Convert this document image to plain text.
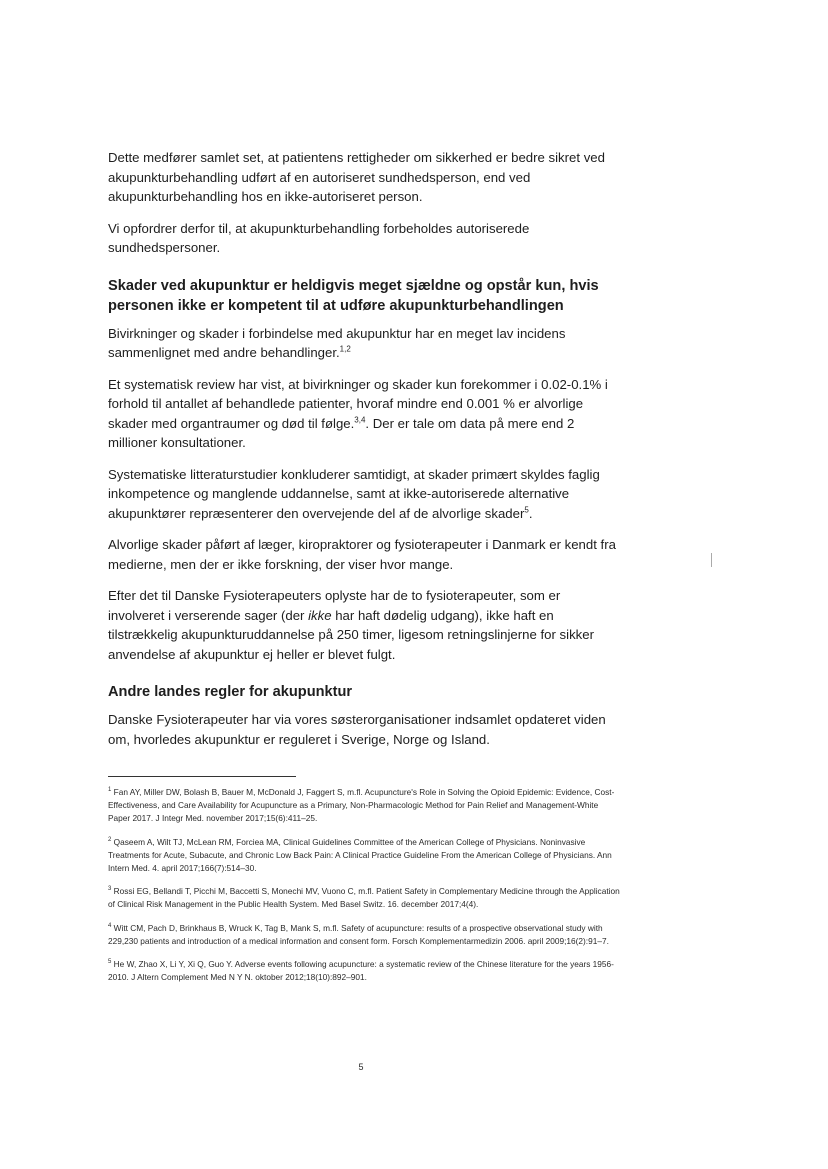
Dette medfører samlet set, at patientens rettigheder om sikkerhed er bedre sikret ved akupunkturbehandling udført af en autoriseret sundhedsperson, end ved akupunkturbehandling hos en ikke-autoriseret person.

Vi opfordrer derfor til, at akupunkturbehandling forbeholdes autoriserede sundhedspersoner.

Skader ved akupunktur er heldigvis meget sjældne og opstår kun, hvis personen ikke er kompetent til at udføre akupunkturbehandlingen

Bivirkninger og skader i forbindelse med akupunktur har en meget lav incidens sammenlignet med andre behandlinger.$^{1,2}$

Et systematisk review har vist, at bivirkninger og skader kun forekommer i 0.02-0.1% i forhold til antallet af behandlede patienter, hvoraf mindre end 0.001 % er alvorlige skader med organtraumer og død til følge.$^{3,4}$. Der er tale om data på mere end 2 millioner konsultationer.

Systematiske litteraturstudier konkluderer samtidigt, at skader primært skyldes faglig inkompetence og manglende uddannelse, samt at ikke-autoriserede alternative akupunktører repræsenterer den overvejende del af de alvorlige skader$^5$.

Alvorlige skader påført af læger, kiropraktorer og fysioterapeuter i Danmark er kendt fra medierne, men der er ikke forskning, der viser hvor mange.

Efter det til Danske Fysioterapeuters oplyste har de to fysioterapeuter, som er involveret i verserende sager (der ikke har haft dødelig udgang), ikke haft en tilstrækkelig akupunkturuddannelse på 250 timer, ligesom retningslinjerne for sikker anvendelse af akupunktur ej heller er blevet fulgt.

Andre landes regler for akupunktur

Danske Fysioterapeuter har via vores søsterorganisationer indsamlet opdateret viden om, hvorledes akupunktur er reguleret i Sverige, Norge og Island.

$^1$ Fan AY, Miller DW, Bolash B, Bauer M, McDonald J, Faggert S, m.fl. Acupuncture's Role in Solving the Opioid Epidemic: Evidence, Cost-Effectiveness, and Care Availability for Acupuncture as a Primary, Non-Pharmacologic Method for Pain Relief and Management-White Paper 2017. J Integr Med. november 2017;15(6):411–25.

$^2$ Qaseem A, Wilt TJ, McLean RM, Forciea MA, Clinical Guidelines Committee of the American College of Physicians. Noninvasive Treatments for Acute, Subacute, and Chronic Low Back Pain: A Clinical Practice Guideline From the American College of Physicians. Ann Intern Med. 4. april 2017;166(7):514–30.

$^3$ Rossi EG, Bellandi T, Picchi M, Baccetti S, Monechi MV, Vuono C, m.fl. Patient Safety in Complementary Medicine through the Application of Clinical Risk Management in the Public Health System. Med Basel Switz. 16. december 2017;4(4).

$^4$ Witt CM, Pach D, Brinkhaus B, Wruck K, Tag B, Mank S, m.fl. Safety of acupuncture: results of a prospective observational study with 229,230 patients and introduction of a medical information and consent form. Forsch Komplementarmedizin 2006. april 2009;16(2):91–7.

$^5$ He W, Zhao X, Li Y, Xi Q, Guo Y. Adverse events following acupuncture: a systematic review of the Chinese literature for the years 1956-2010. J Altern Complement Med N Y N. oktober 2012;18(10):892–901.

5
